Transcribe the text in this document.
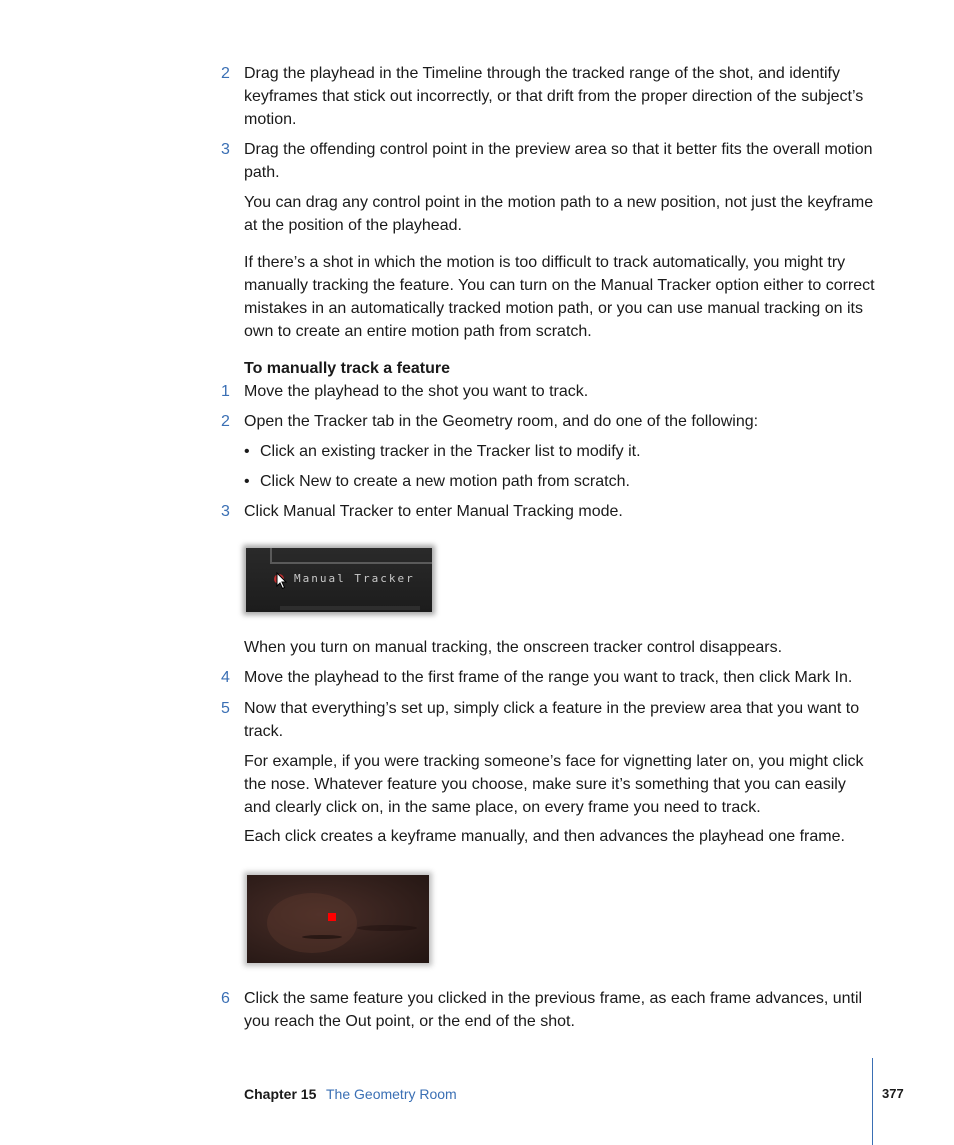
2 Drag the playhead in the Timeline through the tracked range of the shot, and identify keyframes that stick out incorrectly, or that drift from the proper direction of the subject’s motion.
3 Drag the offending control point in the preview area so that it better fits the overall motion path.
You can drag any control point in the motion path to a new position, not just the keyframe at the position of the playhead.
If there’s a shot in which the motion is too difficult to track automatically, you might try manually tracking the feature. You can turn on the Manual Tracker option either to correct mistakes in an automatically tracked motion path, or you can use manual tracking on its own to create an entire motion path from scratch.
To manually track a feature
1 Move the playhead to the shot you want to track.
2 Open the Tracker tab in the Geometry room, and do one of the following:
• Click an existing tracker in the Tracker list to modify it.
• Click New to create a new motion path from scratch.
3 Click Manual Tracker to enter Manual Tracking mode.
Manual Tracker
When you turn on manual tracking, the onscreen tracker control disappears.
4 Move the playhead to the first frame of the range you want to track, then click Mark In.
5 Now that everything’s set up, simply click a feature in the preview area that you want to track.
For example, if you were tracking someone’s face for vignetting later on, you might click the nose. Whatever feature you choose, make sure it’s something that you can easily and clearly click on, in the same place, on every frame you need to track.
Each click creates a keyframe manually, and then advances the playhead one frame.
6 Click the same feature you clicked in the previous frame, as each frame advances, until you reach the Out point, or the end of the shot.
Chapter 15 The Geometry Room	377
